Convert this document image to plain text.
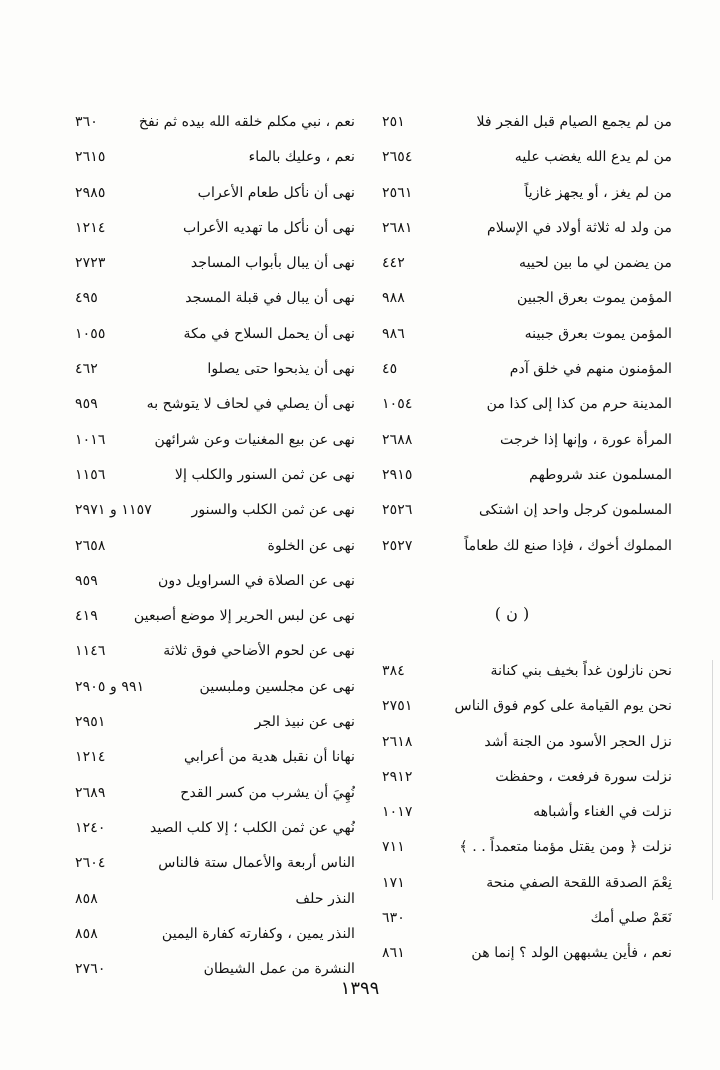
من لم يجمع الصيام قبل الفجر فلا
٢٥١
من لم يدع الله يغضب عليه
٢٦٥٤
من لم يغز ، أو يجهز غازياً
٢٥٦١
من ولد له ثلاثة أولاد في الإسلام
٢٦٨١
من يضمن لي ما بين لحييه
٤٤٢
المؤمن يموت بعرق الجبين
٩٨٨
المؤمن يموت بعرق جبينه
٩٨٦
المؤمنون منهم في خلق آدم
٤٥
المدينة حرم من كذا إلى كذا من
١٠٥٤
المرأة عورة ، وإنها إذا خرجت
٢٦٨٨
المسلمون عند شروطهم
٢٩١٥
المسلمون كرجل واحد إن اشتكى
٢٥٢٦
المملوك أخوك ، فإذا صنع لك طعاماً
٢٥٢٧
( ن )
نحن نازلون غداً بخيف بني كنانة
٣٨٤
نحن يوم القيامة على كوم فوق الناس
٢٧٥١
نزل الحجر الأسود من الجنة أشد
٢٦١٨
نزلت سورة فرفعت ، وحفظت
٢٩١٢
نزلت في الغناء وأشباهه
١٠١٧
نزلت ﴿ ومن يقتل مؤمنا متعمداً . . ﴾
٧١١
نِعْمَ الصدقة اللقحة الصفي منحة
١٧١
نَعَمْ صلي أمك
٦٣٠
نعم ، فأين يشبههن الولد ؟ إنما هن
٨٦١
نعم ، نبي مكلم خلقه الله بيده ثم نفخ
٣٦٠
نعم ، وعليك بالماء
٢٦١٥
نهى أن نأكل طعام الأعراب
٢٩٨٥
نهى أن نأكل ما تهديه الأعراب
١٢١٤
نهى أن يبال بأبواب المساجد
٢٧٢٣
نهى أن يبال في قبلة المسجد
٤٩٥
نهى أن يحمل السلاح في مكة
١٠٥٥
نهى أن يذبحوا حتى يصلوا
٤٦٢
نهى أن يصلي في لحاف لا يتوشح به
٩٥٩
نهى عن بيع المغنيات وعن شرائهن
١٠١٦
نهى عن ثمن السنور والكلب إلا
١١٥٦
نهى عن ثمن الكلب والسنور
١١٥٧ و ٢٩٧١
نهى عن الخلوة
٢٦٥٨
نهى عن الصلاة في السراويل دون
٩٥٩
نهى عن لبس الحرير إلا موضع أصبعين
٤١٩
نهى عن لحوم الأضاحي فوق ثلاثة
١١٤٦
نهى عن مجلسين وملبسين
٩٩١ و ٢٩٠٥
نهى عن نبيذ الجر
٢٩٥١
نهانا أن نقبل هدية من أعرابي
١٢١٤
نُهِيَ أن يشرب من كسر القدح
٢٦٨٩
نُهي عن ثمن الكلب ؛ إلا كلب الصيد
١٢٤٠
الناس أربعة والأعمال ستة فالناس
٢٦٠٤
النذر حلف
٨٥٨
النذر يمين ، وكفارته كفارة اليمين
٨٥٨
النشرة من عمل الشيطان
٢٧٦٠
١٣٩٩
